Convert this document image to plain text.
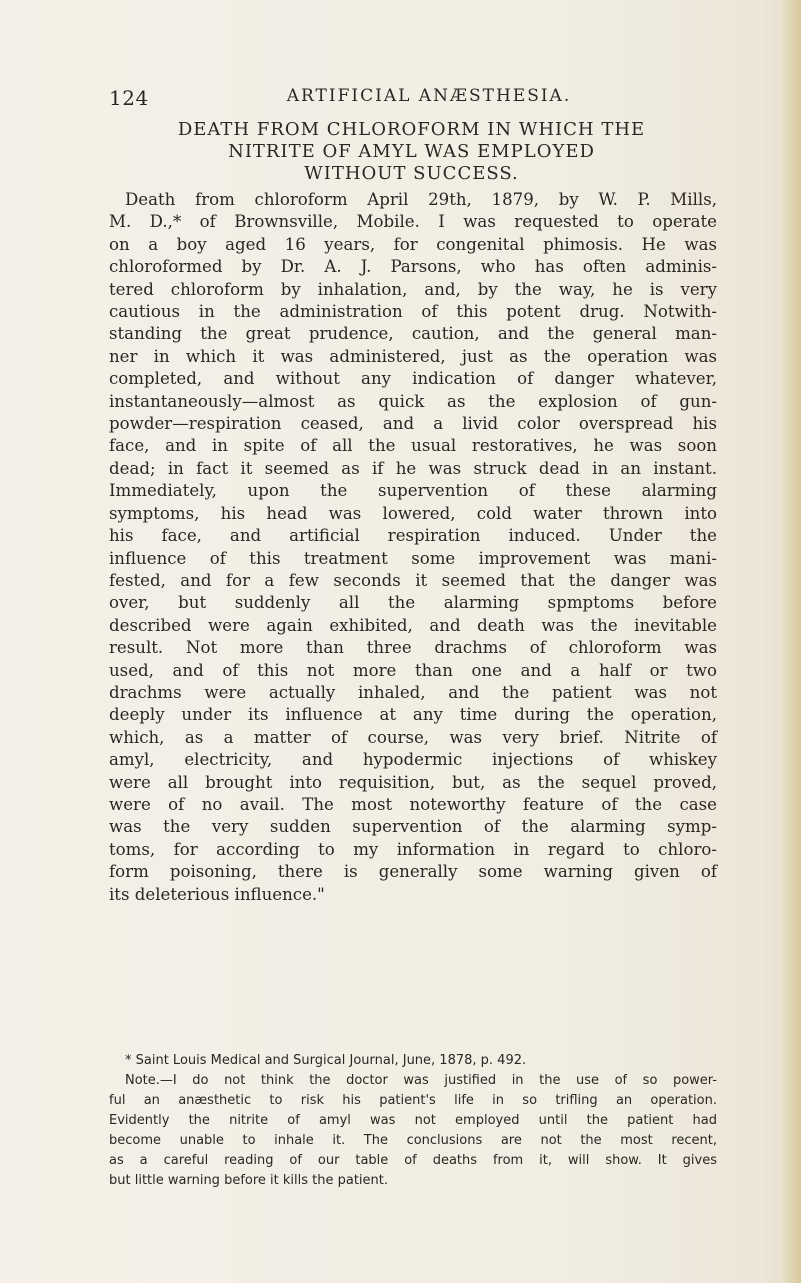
124	ARTIFICIAL ANÆSTHESIA.
DEATH FROM CHLOROFORM IN WHICH THE
NITRITE OF AMYL WAS EMPLOYED
WITHOUT SUCCESS.
Death from chloroform April 29th, 1879, by W. P. Mills,
M. D.,* of Brownsville, Mobile. I was requested to operate
on a boy aged 16 years, for congenital phimosis. He was
chloroformed by Dr. A. J. Parsons, who has often adminis-
tered chloroform by inhalation, and, by the way, he is very
cautious in the administration of this potent drug. Notwith-
standing the great prudence, caution, and the general man-
ner in which it was administered, just as the operation was
completed, and without any indication of danger whatever,
instantaneously—almost as quick as the explosion of gun-
powder—respiration ceased, and a livid color overspread his
face, and in spite of all the usual restoratives, he was soon
dead; in fact it seemed as if he was struck dead in an instant.
Immediately, upon the supervention of these alarming
symptoms, his head was lowered, cold water thrown into
his face, and artificial respiration induced. Under the
influence of this treatment some improvement was mani-
fested, and for a few seconds it seemed that the danger was
over, but suddenly all the alarming spmptoms before
described were again exhibited, and death was the inevitable
result. Not more than three drachms of chloroform was
used, and of this not more than one and a half or two
drachms were actually inhaled, and the patient was not
deeply under its influence at any time during the operation,
which, as a matter of course, was very brief. Nitrite of
amyl, electricity, and hypodermic injections of whiskey
were all brought into requisition, but, as the sequel proved,
were of no avail. The most noteworthy feature of the case
was the very sudden supervention of the alarming symp-
toms, for according to my information in regard to chloro-
form poisoning, there is generally some warning given of
its deleterious influence."
* Saint Louis Medical and Surgical Journal, June, 1878, p. 492.
Note.—I do not think the doctor was justified in the use of so power-
ful an anæsthetic to risk his patient's life in so trifling an operation.
Evidently the nitrite of amyl was not employed until the patient had
become unable to inhale it. The conclusions are not the most recent,
as a careful reading of our table of deaths from it, will show. It gives
but little warning before it kills the patient.
